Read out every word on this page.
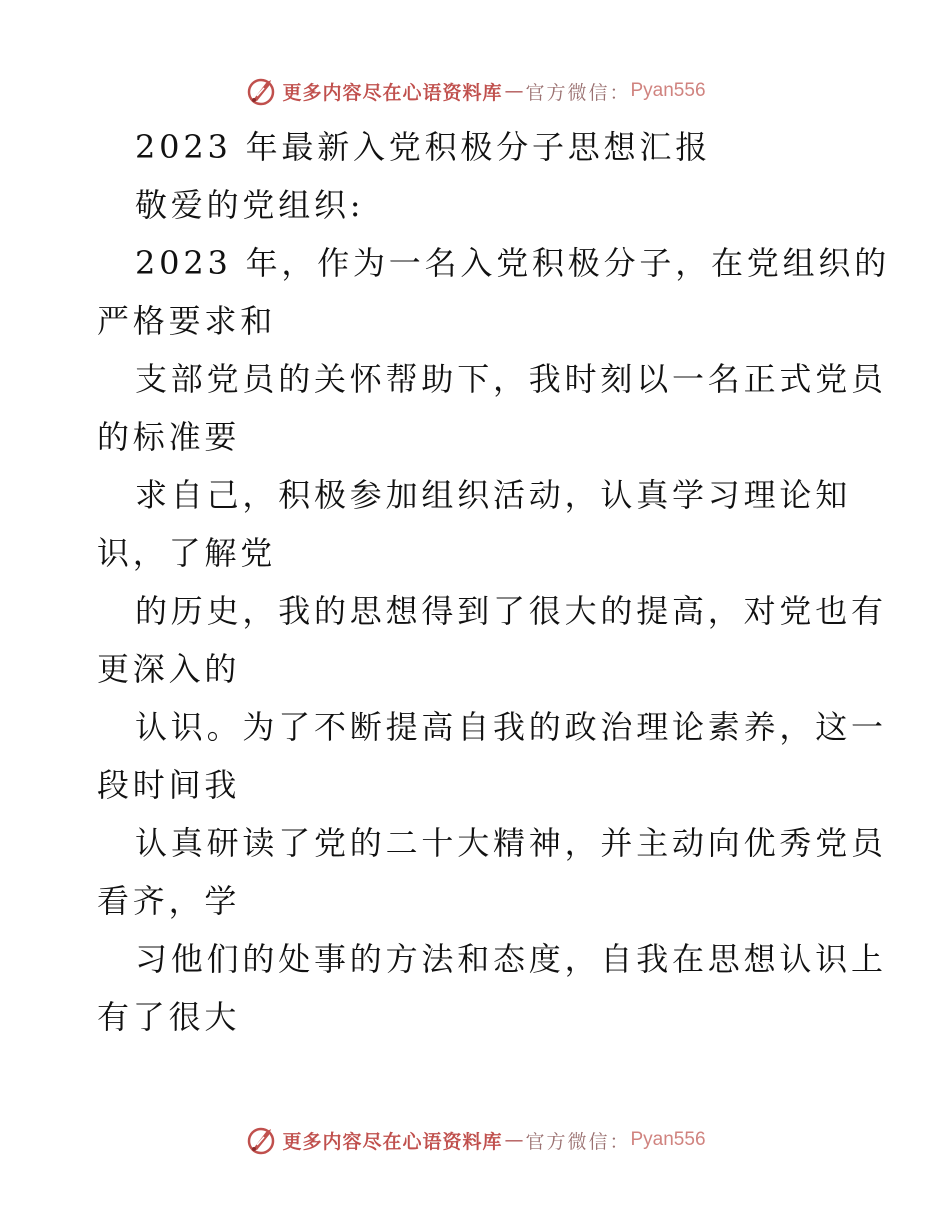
更多内容尽在心语资料库 — 官方微信： Pyan556
2023 年最新入党积极分子思想汇报
敬爱的党组织:
2023 年，作为一名入党积极分子，在党组织的
严格要求和
支部党员的关怀帮助下，我时刻以一名正式党员
的标准要
求自己，积极参加组织活动，认真学习理论知
识，了解党
的历史，我的思想得到了很大的提高，对党也有
更深入的
认识。为了不断提高自我的政治理论素养，这一
段时间我
认真研读了党的二十大精神，并主动向优秀党员
看齐，学
习他们的处事的方法和态度，自我在思想认识上
有了很大
更多内容尽在心语资料库 — 官方微信： Pyan556
